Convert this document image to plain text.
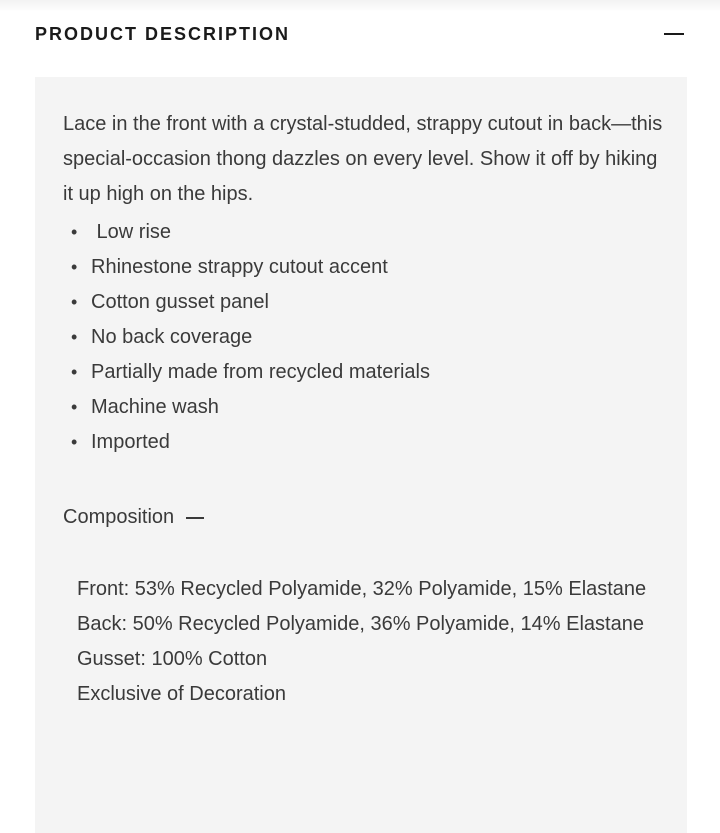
PRODUCT DESCRIPTION
Lace in the front with a crystal-studded, strappy cutout in back—this special-occasion thong dazzles on every level. Show it off by hiking it up high on the hips.
• Low rise
• Rhinestone strappy cutout accent
• Cotton gusset panel
• No back coverage
• Partially made from recycled materials
• Machine wash
• Imported
Composition
Front: 53% Recycled Polyamide, 32% Polyamide, 15% Elastane
Back: 50% Recycled Polyamide, 36% Polyamide, 14% Elastane
Gusset: 100% Cotton
Exclusive of Decoration
